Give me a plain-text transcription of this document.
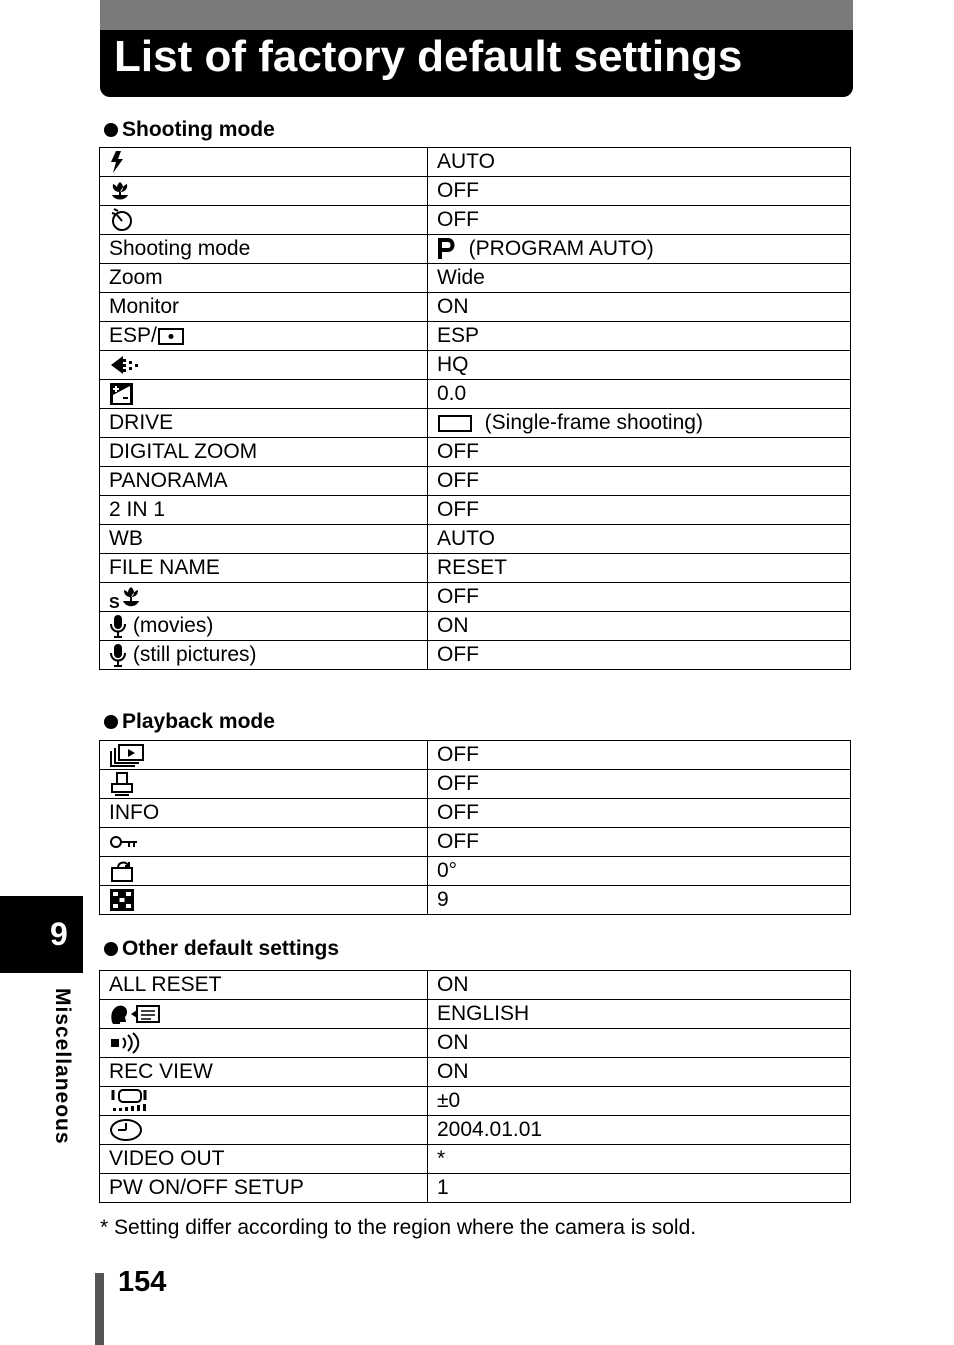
List of factory default settings
Shooting mode
	AUTO

	OFF

	OFF
Shooting mode	(PROGRAM AUTO)
Zoom	Wide
Monitor	ON
ESP/	ESP

	HQ

	0.0
DRIVE	(Single-frame shooting)
DIGITAL ZOOM	OFF
PANORAMA	OFF
2 IN 1	OFF
WB	AUTO
FILE NAME	RESET

S	OFF

(movies)	ON

(still pictures)	OFF
Playback mode
	OFF

	OFF
INFO	OFF

	OFF

	0°

	9
Other default settings
ALL RESET	ON

	ENGLISH

	ON
REC VIEW	ON

	±0

	2004.01.01
VIDEO OUT	*
PW ON/OFF SETUP	1
* Setting differ according to the region where the camera is sold.
9
Miscellaneous
154
